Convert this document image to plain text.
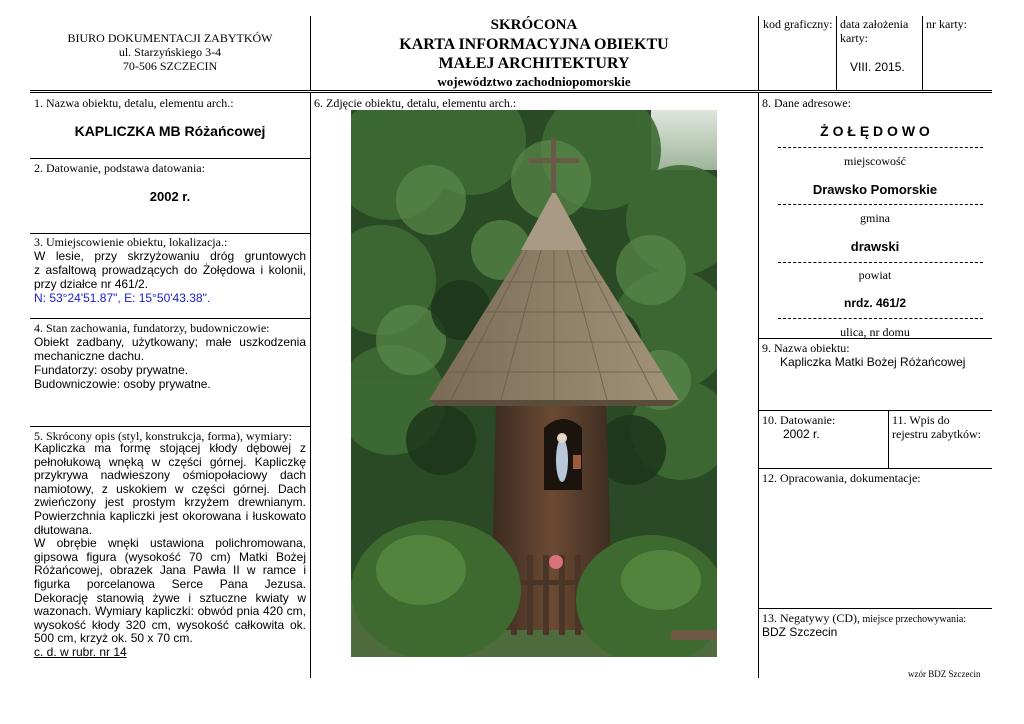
BIURO DOKUMENTACJI ZABYTKÓW
ul. Starzyńskiego 3-4
70-506 SZCZECIN
SKRÓCONA
KARTA INFORMACYJNA OBIEKTU
MAŁEJ ARCHITEKTURY
województwo zachodniopomorskie
kod graficzny: data założenia karty:
VIII. 2015.
nr karty:
1. Nazwa obiektu, detalu, elementu arch.:
KAPLICZKA MB Różańcowej
2. Datowanie, podstawa datowania:
2002 r.
3. Umiejscowienie obiektu, lokalizacja.:
W lesie, przy skrzyżowaniu dróg gruntowych
z asfaltową prowadzących do Żołędowa i kolonii,
przy działce nr 461/2.
N: 53°24'51.87", E: 15°50'43.38".
4. Stan zachowania, fundatorzy, budowniczowie:
Obiekt zadbany, użytkowany; małe uszkodzenia
mechaniczne dachu.
Fundatorzy: osoby prywatne.
Budowniczowie: osoby prywatne.
5. Skrócony opis (styl, konstrukcja, forma), wymiary:
Kapliczka ma formę stojącej kłody dębowej z pełnołukową wnęką w części górnej. Kapliczkę przykrywa nadwieszony ośmiopołaciowy dach namiotowy, z uskokiem w części górnej. Dach zwieńczony jest prostym krzyżem drewnianym. Powierzchnia kapliczki jest okorowana i łuskowato dłutowana.
W obrębie wnęki ustawiona polichromowana, gipsowa figura (wysokość 70 cm) Matki Bożej Różańcowej, obrazek Jana Pawła II w ramce i figurka porcelanowa Serce Pana Jezusa. Dekorację stanowią żywe i sztuczne kwiaty w wazonach. Wymiary kapliczki: obwód pnia 420 cm, wysokość kłody 320 cm, wysokość całkowita ok. 500 cm, krzyż ok. 50 x 70 cm.
c. d. w rubr. nr 14
6. Zdjęcie obiektu, detalu, elementu arch.:	8. Dane adresowe:
Ż O Ł Ę D O W O
miejscowość
Drawsko Pomorskie
gmina
drawski
powiat
nrdz. 461/2
ulica, nr domu
9. Nazwa obiektu:
Kapliczka Matki Bożej Różańcowej
10. Datowanie:
2002 r.
11. Wpis do
rejestru zabytków:
12. Opracowania, dokumentacje:
13. Negatywy (CD), miejsce przechowywania:
BDZ Szczecin
wzór BDZ Szczecin
